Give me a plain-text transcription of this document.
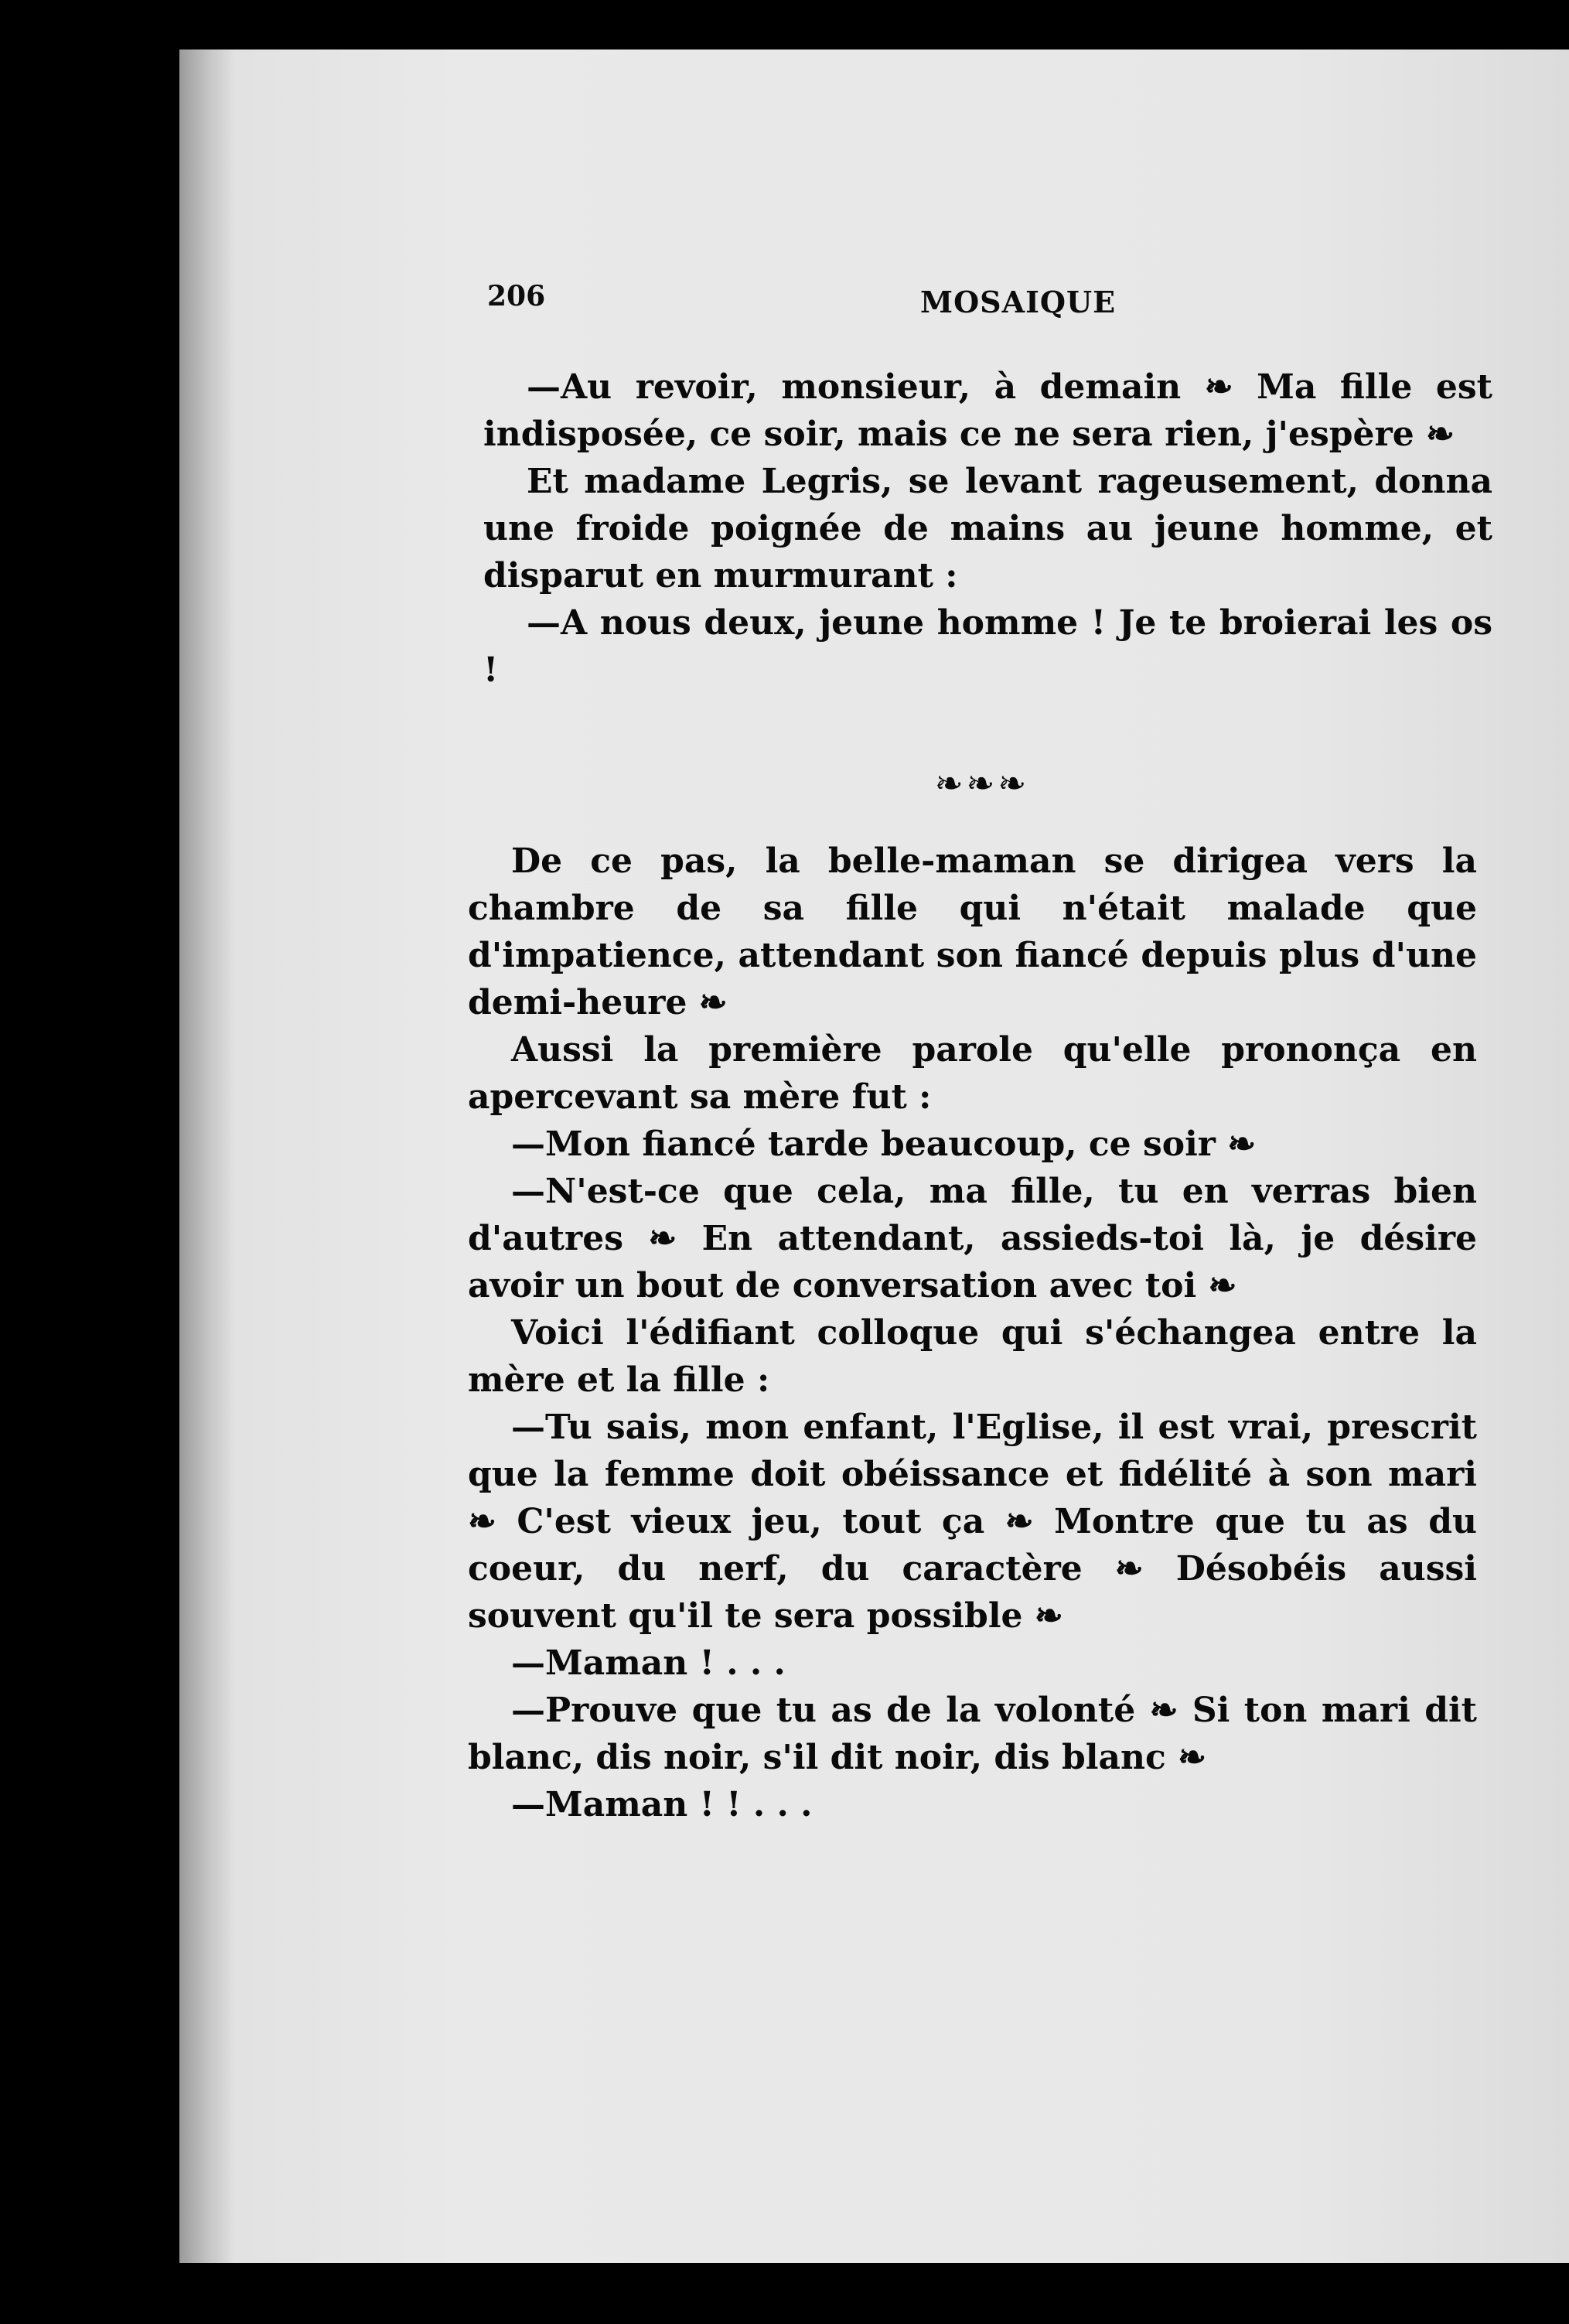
206	MOSAIQUE

—Au revoir, monsieur, à demain ❧ Ma fille est indisposée, ce soir, mais ce ne sera rien, j'espère ❧

Et madame Legris, se levant rageusement, donna une froide poignée de mains au jeune homme, et disparut en murmurant :

—A nous deux, jeune homme ! Je te broierai les os !

❧❧❧

De ce pas, la belle-maman se dirigea vers la chambre de sa fille qui n'était malade que d'impatience, attendant son fiancé depuis plus d'une demi-heure ❧

Aussi la première parole qu'elle prononça en apercevant sa mère fut :

—Mon fiancé tarde beaucoup, ce soir ❧

—N'est-ce que cela, ma fille, tu en verras bien d'autres ❧ En attendant, assieds-toi là, je désire avoir un bout de conversation avec toi ❧

Voici l'édifiant colloque qui s'échangea entre la mère et la fille :

—Tu sais, mon enfant, l'Eglise, il est vrai, prescrit que la femme doit obéissance et fidélité à son mari ❧ C'est vieux jeu, tout ça ❧ Montre que tu as du coeur, du nerf, du caractère ❧ Désobéis aussi souvent qu'il te sera possible ❧

—Maman ! . . .

—Prouve que tu as de la volonté ❧ Si ton mari dit blanc, dis noir, s'il dit noir, dis blanc ❧

—Maman ! ! . . .
